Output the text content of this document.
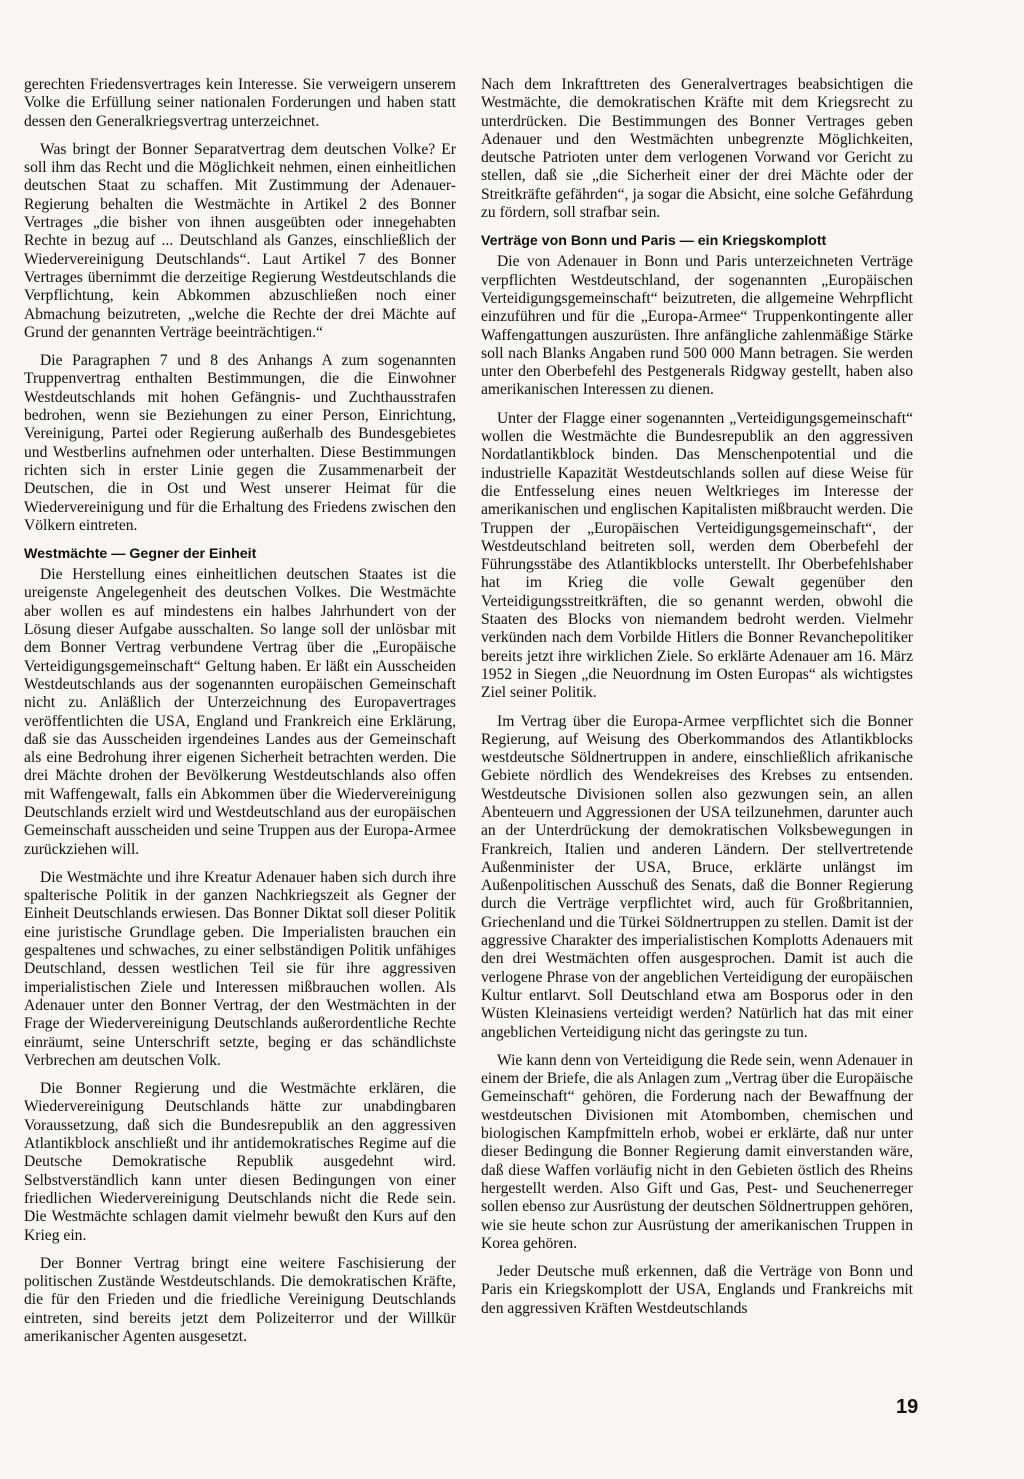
gerechten Friedensvertrages kein Interesse. Sie verweigern unserem Volke die Erfüllung seiner nationalen Forderungen und haben statt dessen den Generalkriegsvertrag unterzeichnet.

Was bringt der Bonner Separatvertrag dem deutschen Volke? Er soll ihm das Recht und die Möglichkeit nehmen, einen einheitlichen deutschen Staat zu schaffen. Mit Zustimmung der Adenauer-Regierung behalten die Westmächte in Artikel 2 des Bonner Vertrages „die bisher von ihnen ausgeübten oder innegehabten Rechte in bezug auf ... Deutschland als Ganzes, einschließlich der Wiedervereinigung Deutschlands“. Laut Artikel 7 des Bonner Vertrages übernimmt die derzeitige Regierung Westdeutschlands die Verpflichtung, kein Abkommen abzuschließen noch einer Abmachung beizutreten, „welche die Rechte der drei Mächte auf Grund der genannten Verträge beeinträchtigen.“

Die Paragraphen 7 und 8 des Anhangs A zum sogenannten Truppenvertrag enthalten Bestimmungen, die die Einwohner Westdeutschlands mit hohen Gefängnis- und Zuchthausstrafen bedrohen, wenn sie Beziehungen zu einer Person, Einrichtung, Vereinigung, Partei oder Regierung außerhalb des Bundesgebietes und Westberlins aufnehmen oder unterhalten. Diese Bestimmungen richten sich in erster Linie gegen die Zusammenarbeit der Deutschen, die in Ost und West unserer Heimat für die Wiedervereinigung und für die Erhaltung des Friedens zwischen den Völkern eintreten.

Westmächte — Gegner der Einheit

Die Herstellung eines einheitlichen deutschen Staates ist die ureigenste Angelegenheit des deutschen Volkes. Die Westmächte aber wollen es auf mindestens ein halbes Jahrhundert von der Lösung dieser Aufgabe ausschalten. So lange soll der unlösbar mit dem Bonner Vertrag verbundene Vertrag über die „Europäische Verteidigungsgemeinschaft“ Geltung haben. Er läßt ein Ausscheiden Westdeutschlands aus der sogenannten europäischen Gemeinschaft nicht zu. Anläßlich der Unterzeichnung des Europavertrages veröffentlichten die USA, England und Frankreich eine Erklärung, daß sie das Ausscheiden irgendeines Landes aus der Gemeinschaft als eine Bedrohung ihrer eigenen Sicherheit betrachten werden. Die drei Mächte drohen der Bevölkerung Westdeutschlands also offen mit Waffengewalt, falls ein Abkommen über die Wiedervereinigung Deutschlands erzielt wird und Westdeutschland aus der europäischen Gemeinschaft ausscheiden und seine Truppen aus der Europa-Armee zurückziehen will.

Die Westmächte und ihre Kreatur Adenauer haben sich durch ihre spalterische Politik in der ganzen Nachkriegszeit als Gegner der Einheit Deutschlands erwiesen. Das Bonner Diktat soll dieser Politik eine juristische Grundlage geben. Die Imperialisten brauchen ein gespaltenes und schwaches, zu einer selbständigen Politik unfähiges Deutschland, dessen westlichen Teil sie für ihre aggressiven imperialistischen Ziele und Interessen mißbrauchen wollen. Als Adenauer unter den Bonner Vertrag, der den Westmächten in der Frage der Wiedervereinigung Deutschlands außerordentliche Rechte einräumt, seine Unterschrift setzte, beging er das schändlichste Verbrechen am deutschen Volk.

Die Bonner Regierung und die Westmächte erklären, die Wiedervereinigung Deutschlands hätte zur unabdingbaren Voraussetzung, daß sich die Bundesrepublik an den aggressiven Atlantikblock anschließt und ihr antidemokratisches Regime auf die Deutsche Demokratische Republik ausgedehnt wird. Selbstverständlich kann unter diesen Bedingungen von einer friedlichen Wiedervereinigung Deutschlands nicht die Rede sein. Die Westmächte schlagen damit vielmehr bewußt den Kurs auf den Krieg ein.

Der Bonner Vertrag bringt eine weitere Faschisierung der politischen Zustände Westdeutschlands. Die demokratischen Kräfte, die für den Frieden und die friedliche Vereinigung Deutschlands eintreten, sind bereits jetzt dem Polizeiterror und der Willkür amerikanischer Agenten ausgesetzt.

Nach dem Inkrafttreten des Generalvertrages beabsichtigen die Westmächte, die demokratischen Kräfte mit dem Kriegsrecht zu unterdrücken. Die Bestimmungen des Bonner Vertrages geben Adenauer und den Westmächten unbegrenzte Möglichkeiten, deutsche Patrioten unter dem verlogenen Vorwand vor Gericht zu stellen, daß sie „die Sicherheit einer der drei Mächte oder der Streitkräfte gefährden“, ja sogar die Absicht, eine solche Gefährdung zu fördern, soll strafbar sein.

Verträge von Bonn und Paris — ein Kriegskomplott

Die von Adenauer in Bonn und Paris unterzeichneten Verträge verpflichten Westdeutschland, der sogenannten „Europäischen Verteidigungsgemeinschaft“ beizutreten, die allgemeine Wehrpflicht einzuführen und für die „Europa-Armee“ Truppenkontingente aller Waffengattungen auszurüsten. Ihre anfängliche zahlenmäßige Stärke soll nach Blanks Angaben rund 500 000 Mann betragen. Sie werden unter den Oberbefehl des Pestgenerals Ridgway gestellt, haben also amerikanischen Interessen zu dienen.

Unter der Flagge einer sogenannten „Verteidigungsgemeinschaft“ wollen die Westmächte die Bundesrepublik an den aggressiven Nordatlantikblock binden. Das Menschenpotential und die industrielle Kapazität Westdeutschlands sollen auf diese Weise für die Entfesselung eines neuen Weltkrieges im Interesse der amerikanischen und englischen Kapitalisten mißbraucht werden. Die Truppen der „Europäischen Verteidigungsgemeinschaft“, der Westdeutschland beitreten soll, werden dem Oberbefehl der Führungsstäbe des Atlantikblocks unterstellt. Ihr Oberbefehlshaber hat im Krieg die volle Gewalt gegenüber den Verteidigungsstreitkräften, die so genannt werden, obwohl die Staaten des Blocks von niemandem bedroht werden. Vielmehr verkünden nach dem Vorbilde Hitlers die Bonner Revanchepolitiker bereits jetzt ihre wirklichen Ziele. So erklärte Adenauer am 16. März 1952 in Siegen „die Neuordnung im Osten Europas“ als wichtigstes Ziel seiner Politik.

Im Vertrag über die Europa-Armee verpflichtet sich die Bonner Regierung, auf Weisung des Oberkommandos des Atlantikblocks westdeutsche Söldnertruppen in andere, einschließlich afrikanische Gebiete nördlich des Wendekreises des Krebses zu entsenden. Westdeutsche Divisionen sollen also gezwungen sein, an allen Abenteuern und Aggressionen der USA teilzunehmen, darunter auch an der Unterdrückung der demokratischen Volksbewegungen in Frankreich, Italien und anderen Ländern. Der stellvertretende Außenminister der USA, Bruce, erklärte unlängst im Außenpolitischen Ausschuß des Senats, daß die Bonner Regierung durch die Verträge verpflichtet wird, auch für Großbritannien, Griechenland und die Türkei Söldnertruppen zu stellen. Damit ist der aggressive Charakter des imperialistischen Komplotts Adenauers mit den drei Westmächten offen ausgesprochen. Damit ist auch die verlogene Phrase von der angeblichen Verteidigung der europäischen Kultur entlarvt. Soll Deutschland etwa am Bosporus oder in den Wüsten Kleinasiens verteidigt werden? Natürlich hat das mit einer angeblichen Verteidigung nicht das geringste zu tun.

Wie kann denn von Verteidigung die Rede sein, wenn Adenauer in einem der Briefe, die als Anlagen zum „Vertrag über die Europäische Gemeinschaft“ gehören, die Forderung nach der Bewaffnung der westdeutschen Divisionen mit Atombomben, chemischen und biologischen Kampfmitteln erhob, wobei er erklärte, daß nur unter dieser Bedingung die Bonner Regierung damit einverstanden wäre, daß diese Waffen vorläufig nicht in den Gebieten östlich des Rheins hergestellt werden. Also Gift und Gas, Pest- und Seuchenerreger sollen ebenso zur Ausrüstung der deutschen Söldnertruppen gehören, wie sie heute schon zur Ausrüstung der amerikanischen Truppen in Korea gehören.

Jeder Deutsche muß erkennen, daß die Verträge von Bonn und Paris ein Kriegskomplott der USA, Englands und Frankreichs mit den aggressiven Kräften Westdeutschlands

19
